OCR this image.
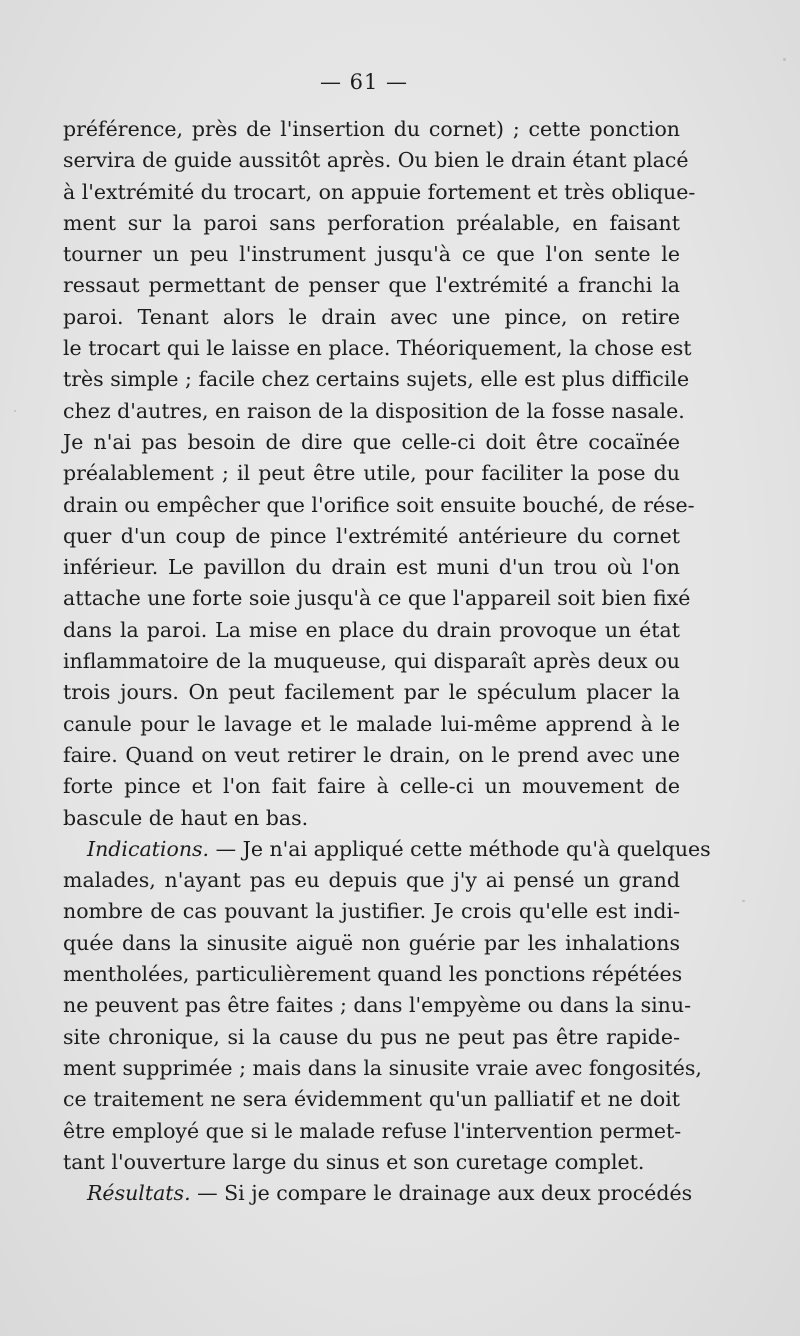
— 61 —
préférence, près de l'insertion du cornet) ; cette ponction
servira de guide aussitôt après. Ou bien le drain étant placé
à l'extrémité du trocart, on appuie fortement et très oblique-
ment sur la paroi sans perforation préalable, en faisant
tourner un peu l'instrument jusqu'à ce que l'on sente le
ressaut permettant de penser que l'extrémité a franchi la
paroi. Tenant alors le drain avec une pince, on retire
le trocart qui le laisse en place. Théoriquement, la chose est
très simple ; facile chez certains sujets, elle est plus difficile
chez d'autres, en raison de la disposition de la fosse nasale.
Je n'ai pas besoin de dire que celle-ci doit être cocaïnée
préalablement ; il peut être utile, pour faciliter la pose du
drain ou empêcher que l'orifice soit ensuite bouché, de rése-
quer d'un coup de pince l'extrémité antérieure du cornet
inférieur. Le pavillon du drain est muni d'un trou où l'on
attache une forte soie jusqu'à ce que l'appareil soit bien fixé
dans la paroi. La mise en place du drain provoque un état
inflammatoire de la muqueuse, qui disparaît après deux ou
trois jours. On peut facilement par le spéculum placer la
canule pour le lavage et le malade lui-même apprend à le
faire. Quand on veut retirer le drain, on le prend avec une
forte pince et l'on fait faire à celle-ci un mouvement de
bascule de haut en bas.
Indications. — Je n'ai appliqué cette méthode qu'à quelques
malades, n'ayant pas eu depuis que j'y ai pensé un grand
nombre de cas pouvant la justifier. Je crois qu'elle est indi-
quée dans la sinusite aiguë non guérie par les inhalations
mentholées, particulièrement quand les ponctions répétées
ne peuvent pas être faites ; dans l'empyème ou dans la sinu-
site chronique, si la cause du pus ne peut pas être rapide-
ment supprimée ; mais dans la sinusite vraie avec fongosités,
ce traitement ne sera évidemment qu'un palliatif et ne doit
être employé que si le malade refuse l'intervention permet-
tant l'ouverture large du sinus et son curetage complet.
Résultats. — Si je compare le drainage aux deux procédés
